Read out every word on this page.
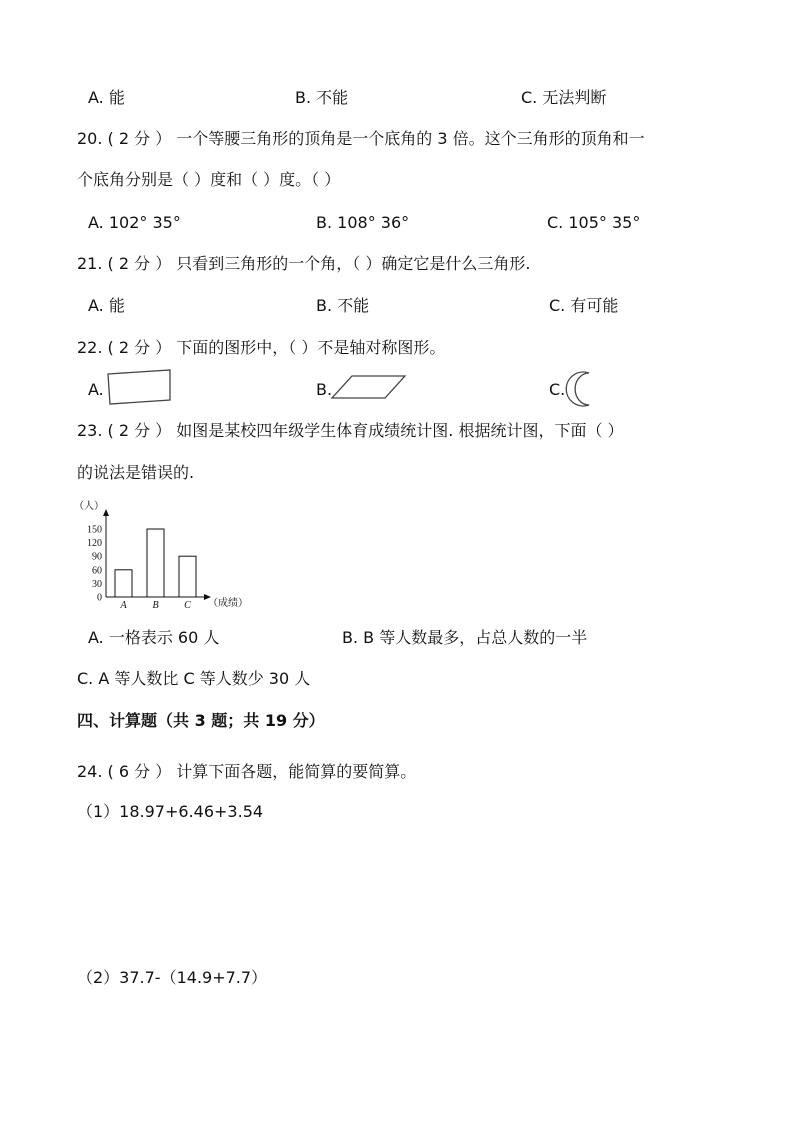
A. 能	B. 不能	C. 无法判断
20. ( 2 分 ） 一个等腰三角形的顶角是一个底角的 3 倍。这个三角形的顶角和一
个底角分别是（ ）度和（ ）度。（ ）
A. 102° 35°	B. 108° 36°	C. 105° 35°
21. ( 2 分 ） 只看到三角形的一个角，（ ）确定它是什么三角形.
A. 能	B. 不能	C. 有可能
22. ( 2 分 ） 下面的图形中，（ ）不是轴对称图形。
A.	B.	C.
23. ( 2 分 ） 如图是某校四年级学生体育成绩统计图. 根据统计图，下面（ ）
的说法是错误的.
（人）
（成绩）
150
120
90
60
30
0
A	B	C
A. 一格表示 60 人	B. B 等人数最多，占总人数的一半
C. A 等人数比 C 等人数少 30 人
四、计算题（共 3 题；共 19 分）
24. ( 6 分 ） 计算下面各题，能简算的要简算。
（1）18.97+6.46+3.54
（2）37.7-（14.9+7.7）
